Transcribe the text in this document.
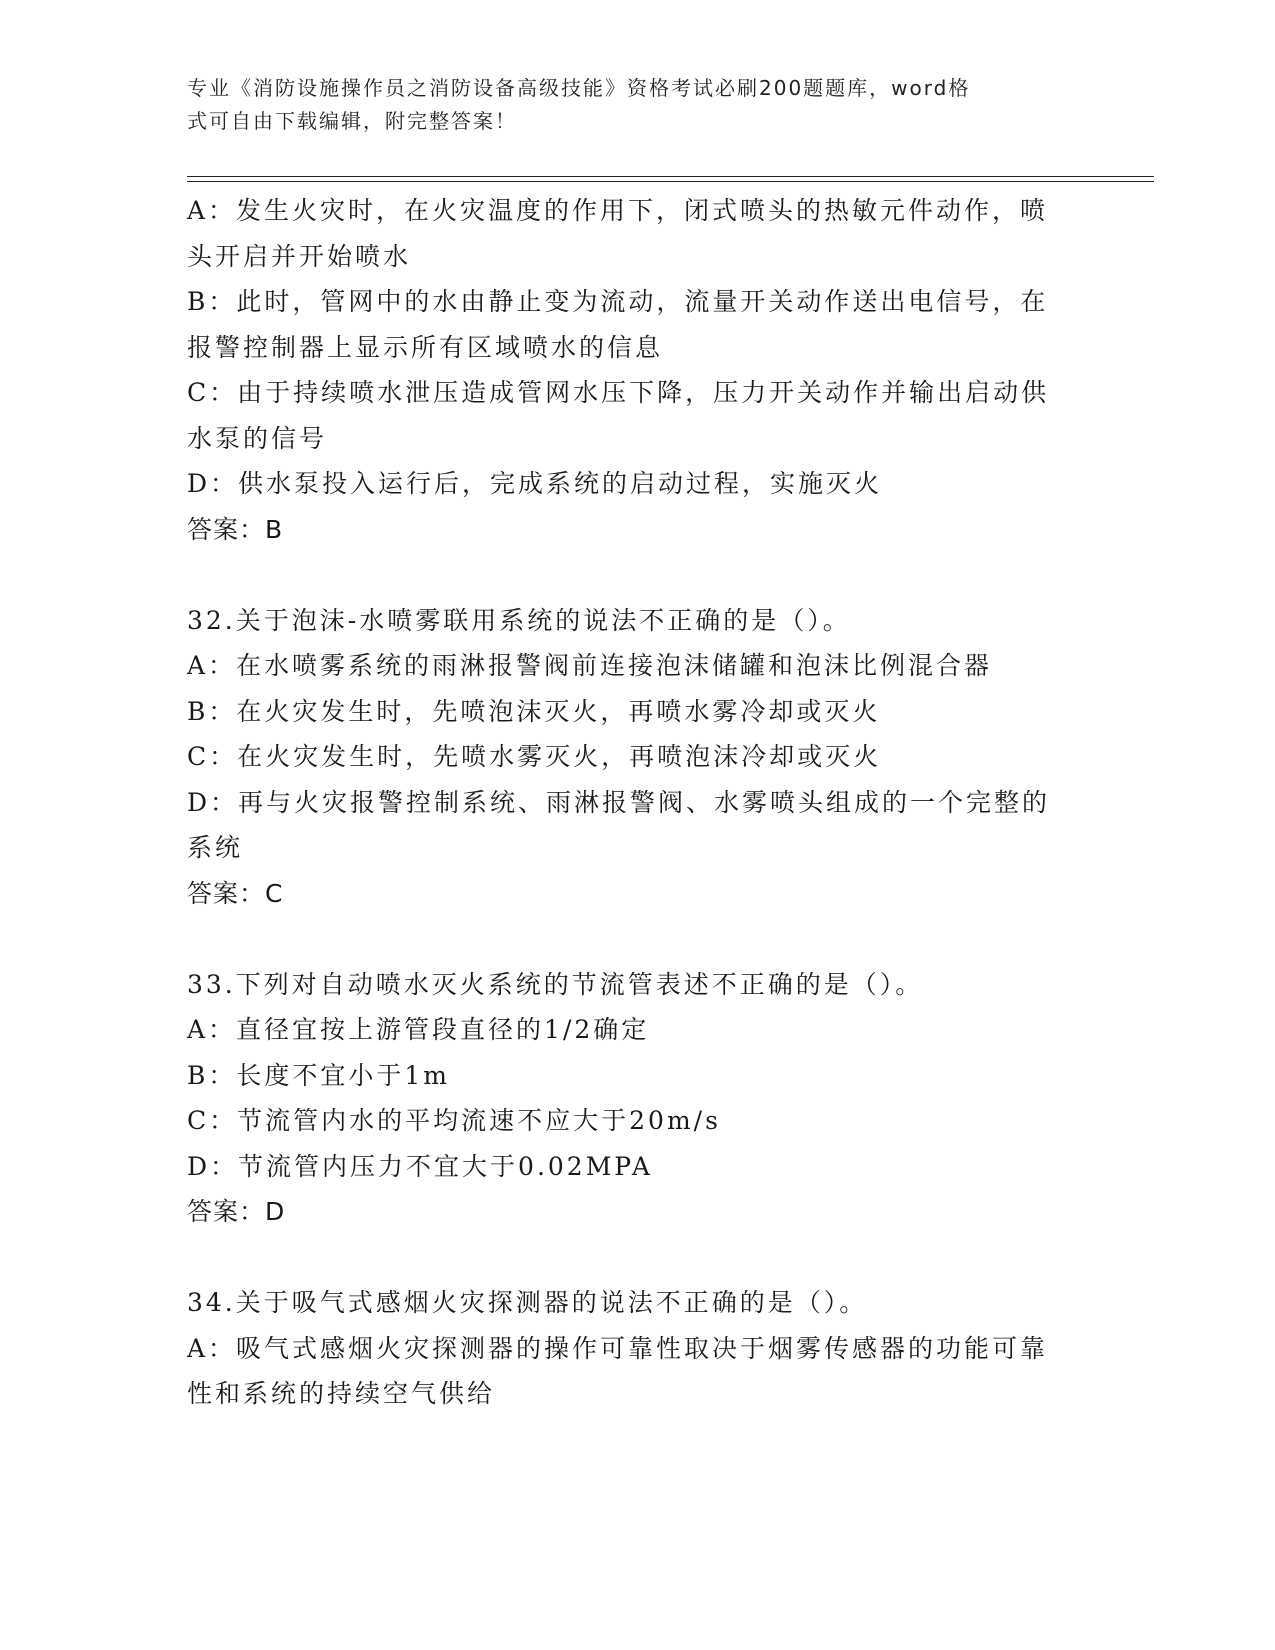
专业《消防设施操作员之消防设备高级技能》资格考试必刷200题题库，word格
式可自由下载编辑，附完整答案！
A：发生火灾时，在火灾温度的作用下，闭式喷头的热敏元件动作，喷
头开启并开始喷水
B：此时，管网中的水由静止变为流动，流量开关动作送出电信号，在
报警控制器上显示所有区域喷水的信息
C：由于持续喷水泄压造成管网水压下降，压力开关动作并输出启动供
水泵的信号
D：供水泵投入运行后，完成系统的启动过程，实施灭火
答案：B
32.关于泡沫-水喷雾联用系统的说法不正确的是（）。
A：在水喷雾系统的雨淋报警阀前连接泡沫储罐和泡沫比例混合器
B：在火灾发生时，先喷泡沫灭火，再喷水雾冷却或灭火
C：在火灾发生时，先喷水雾灭火，再喷泡沫冷却或灭火
D：再与火灾报警控制系统、雨淋报警阀、水雾喷头组成的一个完整的
系统
答案：C
33.下列对自动喷水灭火系统的节流管表述不正确的是（）。
A：直径宜按上游管段直径的1/2确定
B：长度不宜小于1m
C：节流管内水的平均流速不应大于20m/s
D：节流管内压力不宜大于0.02MPA
答案：D
34.关于吸气式感烟火灾探测器的说法不正确的是（）。
A：吸气式感烟火灾探测器的操作可靠性取决于烟雾传感器的功能可靠
性和系统的持续空气供给
